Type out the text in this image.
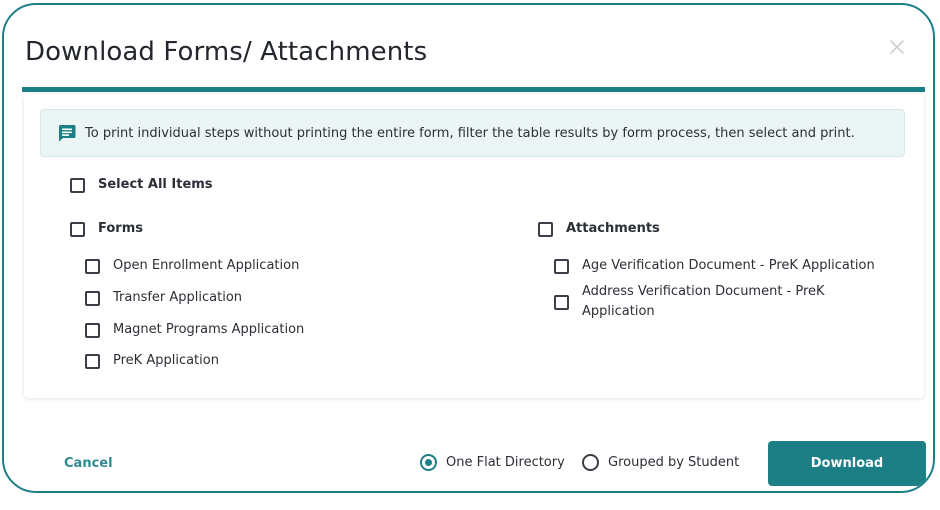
Download Forms/ Attachments
To print individual steps without printing the entire form, filter the table results by form process, then select and print.
Select All Items
Forms
Open Enrollment Application
Transfer Application
Magnet Programs Application
PreK Application
Attachments
Age Verification Document - PreK Application
Address Verification Document - PreK Application
Cancel	One Flat Directory	Grouped by Student	Download
